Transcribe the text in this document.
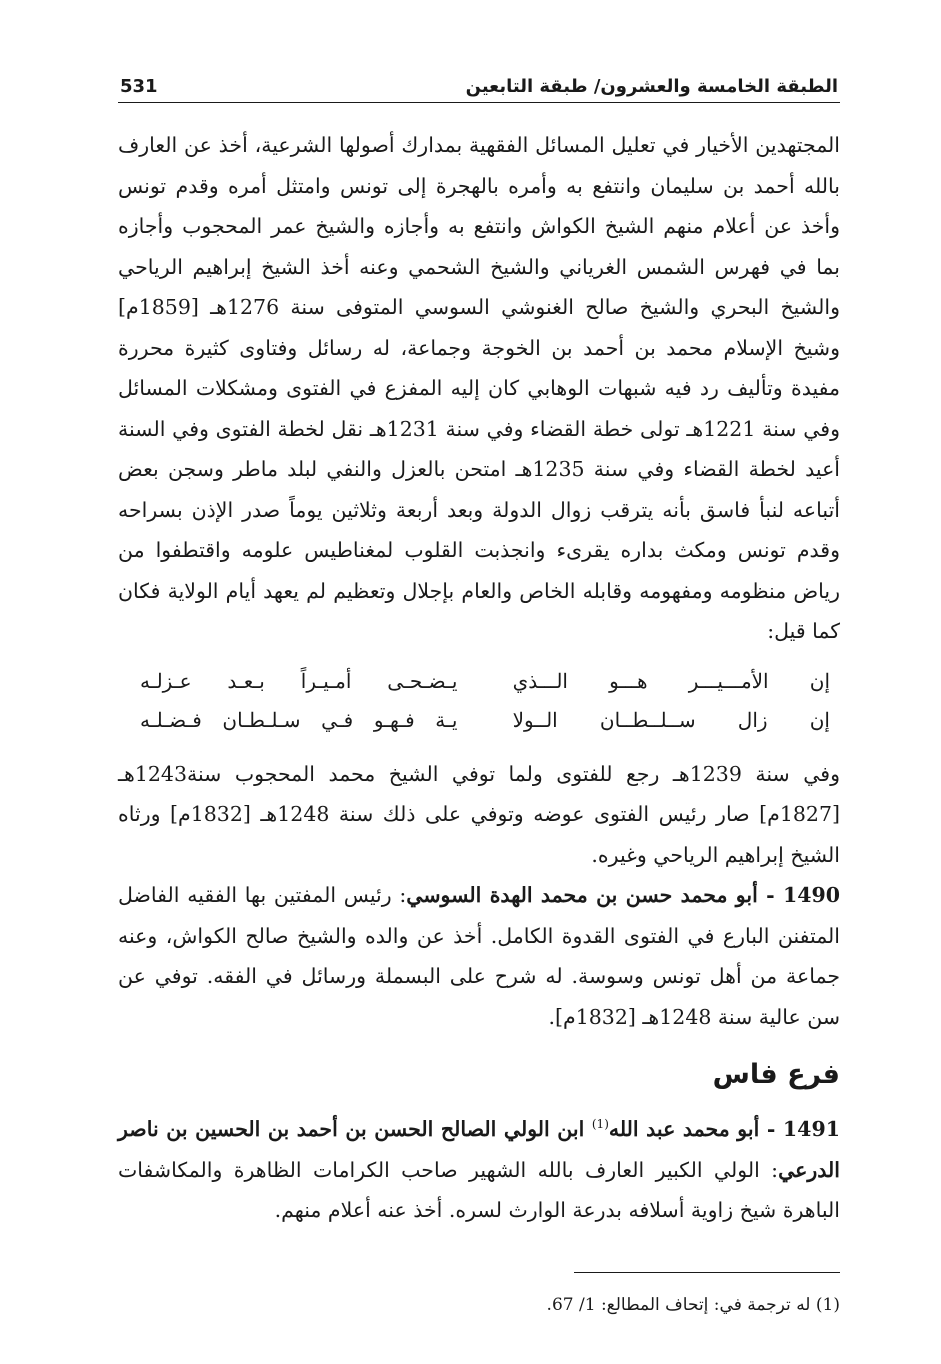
الطبقة الخامسة والعشرون/ طبقة التابعين
531

المجتهدين الأخيار في تعليل المسائل الفقهية بمدارك أصولها الشرعية، أخذ عن العارف بالله أحمد بن سليمان وانتفع به وأمره بالهجرة إلى تونس وامتثل أمره وقدم تونس وأخذ عن أعلام منهم الشيخ الكواش وانتفع به وأجازه والشيخ عمر المحجوب وأجازه بما في فهرس الشمس الغرياني والشيخ الشحمي وعنه أخذ الشيخ إبراهيم الرياحي والشيخ البحري والشيخ صالح الغنوشي السوسي المتوفى سنة 1276هـ [1859م] وشيخ الإسلام محمد بن أحمد بن الخوجة وجماعة، له رسائل وفتاوى كثيرة محررة مفيدة وتأليف رد فيه شبهات الوهابي كان إليه المفزع في الفتوى ومشكلات المسائل وفي سنة 1221هـ تولى خطة القضاء وفي سنة 1231هـ نقل لخطة الفتوى وفي السنة أعيد لخطة القضاء وفي سنة 1235هـ امتحن بالعزل والنفي لبلد ماطر وسجن بعض أتباعه لنبأ فاسق بأنه يترقب زوال الدولة وبعد أربعة وثلاثين يوماً صدر الإذن بسراحه وقدم تونس ومكث بداره يقرىء وانجذبت القلوب لمغناطيس علومه واقتطفوا من رياض منظومه ومفهومه وقابله الخاص والعام بإجلال وتعظيم لم يعهد أيام الولاية فكان كما قيل:

إن الأمـــيـــر هـــو الـــذي
يـضـحـى أمـيـراً بـعـد عـزلـه
إن زال ســلــطــان الــولا
يـة فـهـو فـي سـلـطـان فـضـلـه

وفي سنة 1239هـ رجع للفتوى ولما توفي الشيخ محمد المحجوب سنة1243هـ [1827م] صار رئيس الفتوى عوضه وتوفي على ذلك سنة 1248هـ [1832م] ورثاه الشيخ إبراهيم الرياحي وغيره.

1490 - أبو محمد حسن بن محمد الهدة السوسي: رئيس المفتين بها الفقيه الفاضل المتفنن البارع في الفتوى القدوة الكامل. أخذ عن والده والشيخ صالح الكواش، وعنه جماعة من أهل تونس وسوسة. له شرح على البسملة ورسائل في الفقه. توفي عن سن عالية سنة 1248هـ [1832م].

فرع فاس

1491 - أبو محمد عبد الله$^{(1)}$ ابن الولي الصالح الحسن بن أحمد بن الحسين بن ناصر الدرعي: الولي الكبير العارف بالله الشهير صاحب الكرامات الظاهرة والمكاشفات الباهرة شيخ زاوية أسلافه بدرعة الوارث لسره. أخذ عنه أعلام منهم.

(1) له ترجمة في: إتحاف المطالع: 1/ 67.
